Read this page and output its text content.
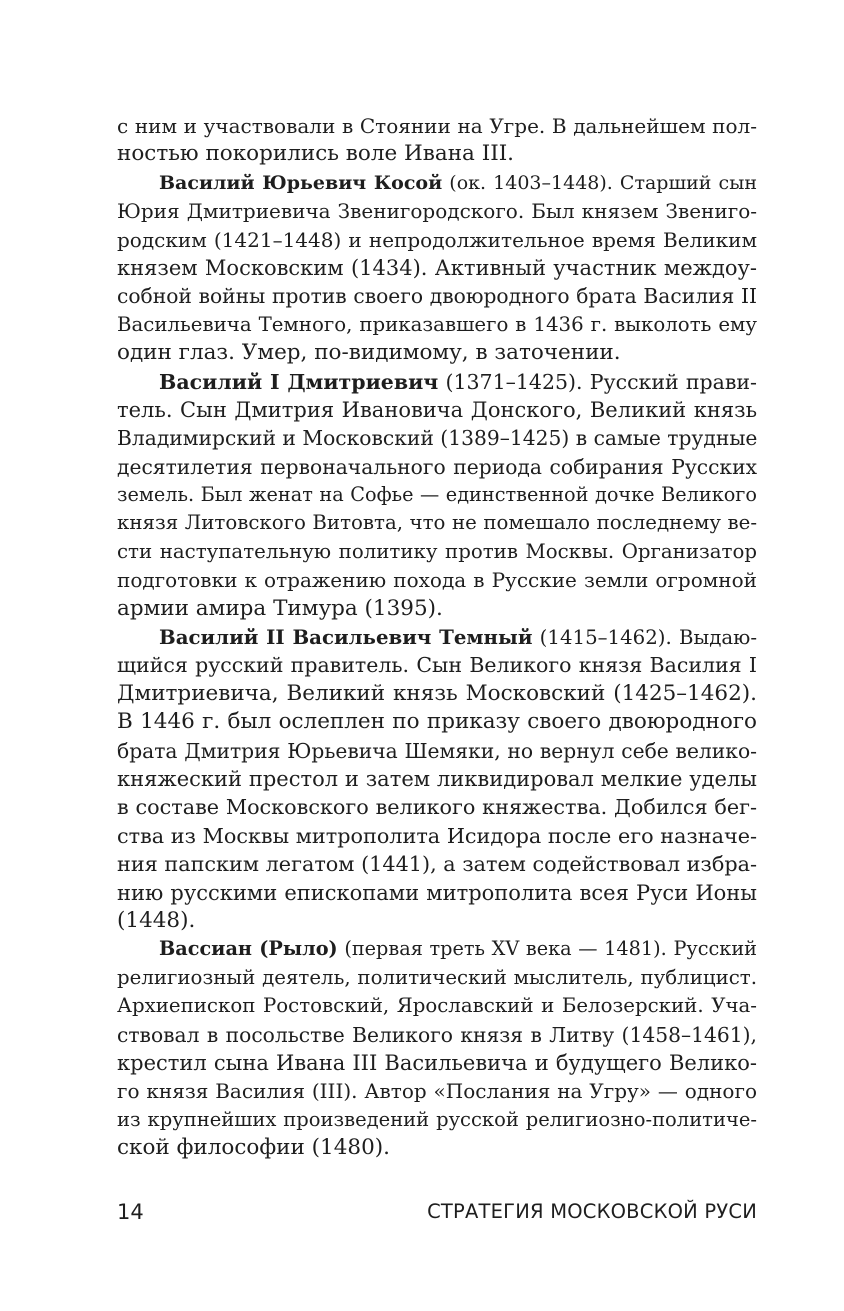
с ним и участвовали в Стоянии на Угре. В дальнейшем пол-
ностью покорились воле Ивана III.
Василий Юрьевич Косой (ок. 1403–1448). Старший сын
Юрия Дмитриевича Звенигородского. Был князем Звениго-
родским (1421–1448) и непродолжительное время Великим
князем Московским (1434). Активный участник междоу-
собной войны против своего двоюродного брата Василия II
Васильевича Темного, приказавшего в 1436 г. выколоть ему
один глаз. Умер, по-видимому, в заточении.
Василий I Дмитриевич (1371–1425). Русский прави-
тель. Сын Дмитрия Ивановича Донского, Великий князь
Владимирский и Московский (1389–1425) в самые трудные
десятилетия первоначального периода собирания Русских
земель. Был женат на Софье — единственной дочке Великого
князя Литовского Витовта, что не помешало последнему ве-
сти наступательную политику против Москвы. Организатор
подготовки к отражению похода в Русские земли огромной
армии амира Тимура (1395).
Василий II Васильевич Темный (1415–1462). Выдаю-
щийся русский правитель. Сын Великого князя Василия I
Дмитриевича, Великий князь Московский (1425–1462).
В 1446 г. был ослеплен по приказу своего двоюродного
брата Дмитрия Юрьевича Шемяки, но вернул себе велико-
княжеский престол и затем ликвидировал мелкие уделы
в составе Московского великого княжества. Добился бег-
ства из Москвы митрополита Исидора после его назначе-
ния папским легатом (1441), а затем содействовал избра-
нию русскими епископами митрополита всея Руси Ионы
(1448).
Вассиан (Рыло) (первая треть XV века — 1481). Русский
религиозный деятель, политический мыслитель, публицист.
Архиепископ Ростовский, Ярославский и Белозерский. Уча-
ствовал в посольстве Великого князя в Литву (1458–1461),
крестил сына Ивана III Васильевича и будущего Велико-
го князя Василия (III). Автор «Послания на Угру» — одного
из крупнейших произведений русской религиозно-политиче-
ской философии (1480).
14	СТРАТЕГИЯ МОСКОВСКОЙ РУСИ
